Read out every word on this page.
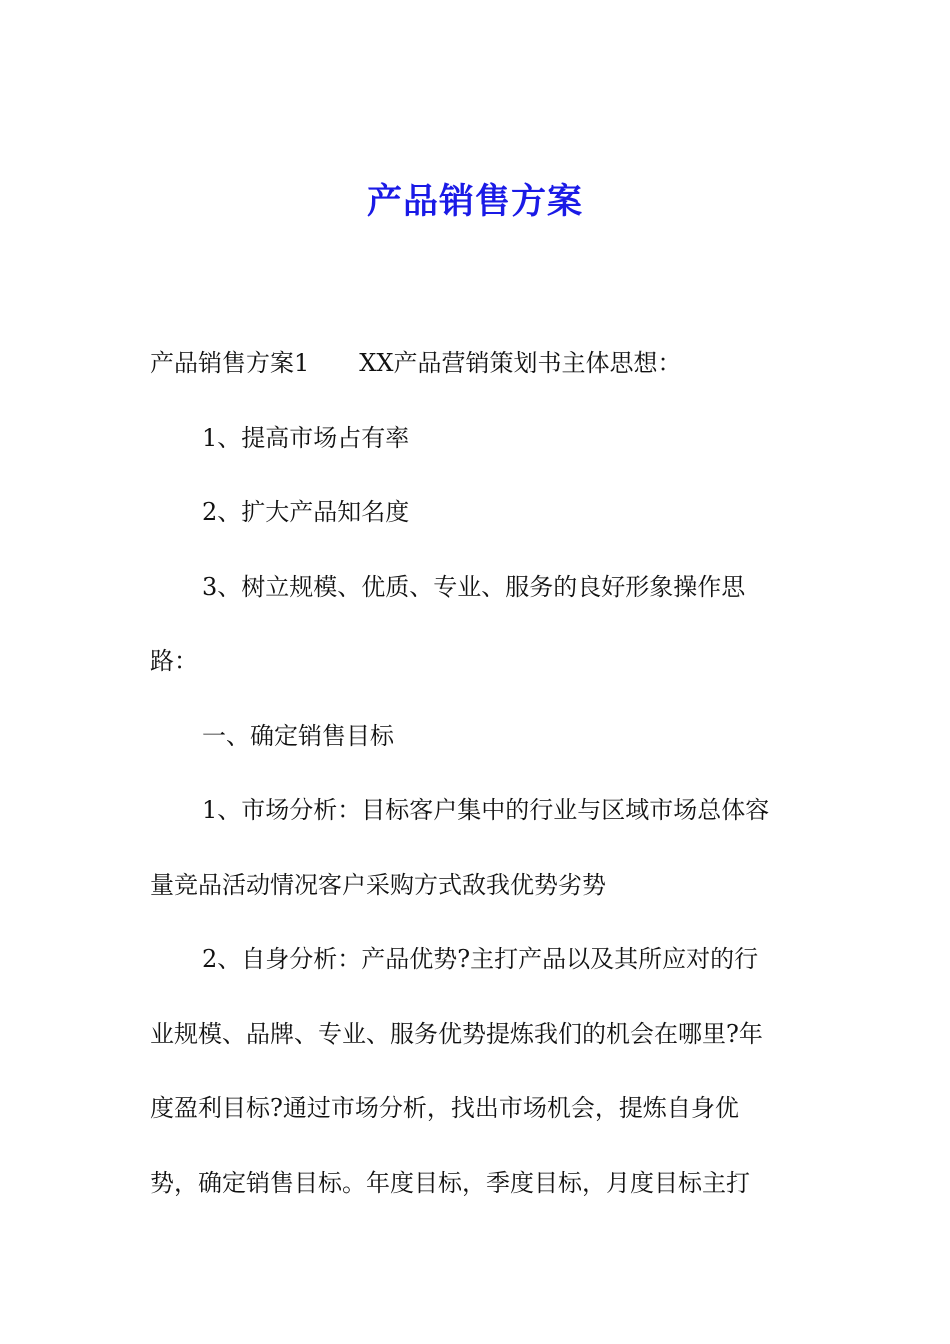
产品销售方案
产品销售方案1 XX产品营销策划书主体思想：
1、提高市场占有率
2、扩大产品知名度
3、树立规模、优质、专业、服务的良好形象操作思
路：
一、确定销售目标
1、市场分析：目标客户集中的行业与区域市场总体容
量竞品活动情况客户采购方式敌我优势劣势
2、自身分析：产品优势?主打产品以及其所应对的行
业规模、品牌、专业、服务优势提炼我们的机会在哪里?年
度盈利目标?通过市场分析，找出市场机会，提炼自身优
势，确定销售目标。年度目标，季度目标，月度目标主打
